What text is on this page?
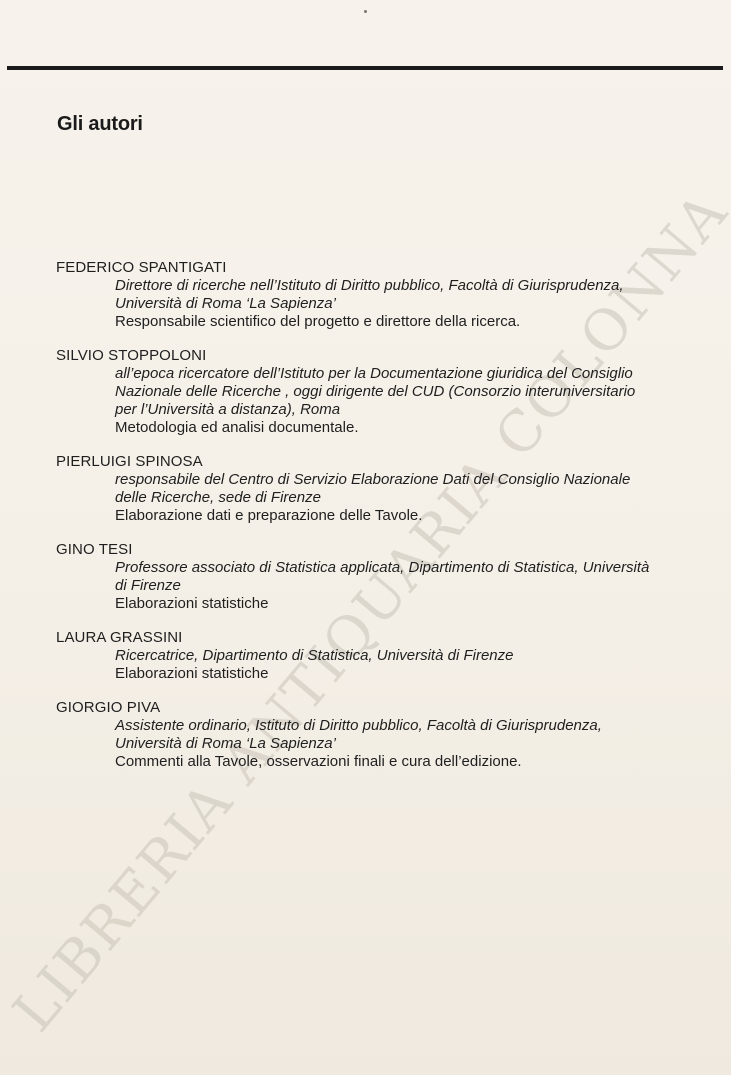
Gli autori
FEDERICO SPANTIGATI
Direttore di ricerche nell’Istituto di Diritto pubblico, Facoltà di Giurisprudenza,
Università di Roma ‘La Sapienza’
Responsabile scientifico del progetto e direttore della ricerca.
SILVIO STOPPOLONI
all’epoca ricercatore dell’Istituto per la Documentazione giuridica del Consiglio
Nazionale delle Ricerche , oggi dirigente del CUD (Consorzio interuniversitario
per l’Università a distanza), Roma
Metodologia ed analisi documentale.
PIERLUIGI SPINOSA
responsabile del Centro di Servizio Elaborazione Dati del Consiglio Nazionale
delle Ricerche, sede di Firenze
Elaborazione dati e preparazione delle Tavole.
GINO TESI
Professore associato di Statistica applicata, Dipartimento di Statistica, Università
di Firenze
Elaborazioni statistiche
LAURA GRASSINI
Ricercatrice, Dipartimento di Statistica, Università di Firenze
Elaborazioni statistiche
GIORGIO PIVA
Assistente ordinario, Istituto di Diritto pubblico, Facoltà di Giurisprudenza,
Università di Roma ‘La Sapienza’
Commenti alla Tavole, osservazioni finali e cura dell’edizione.
